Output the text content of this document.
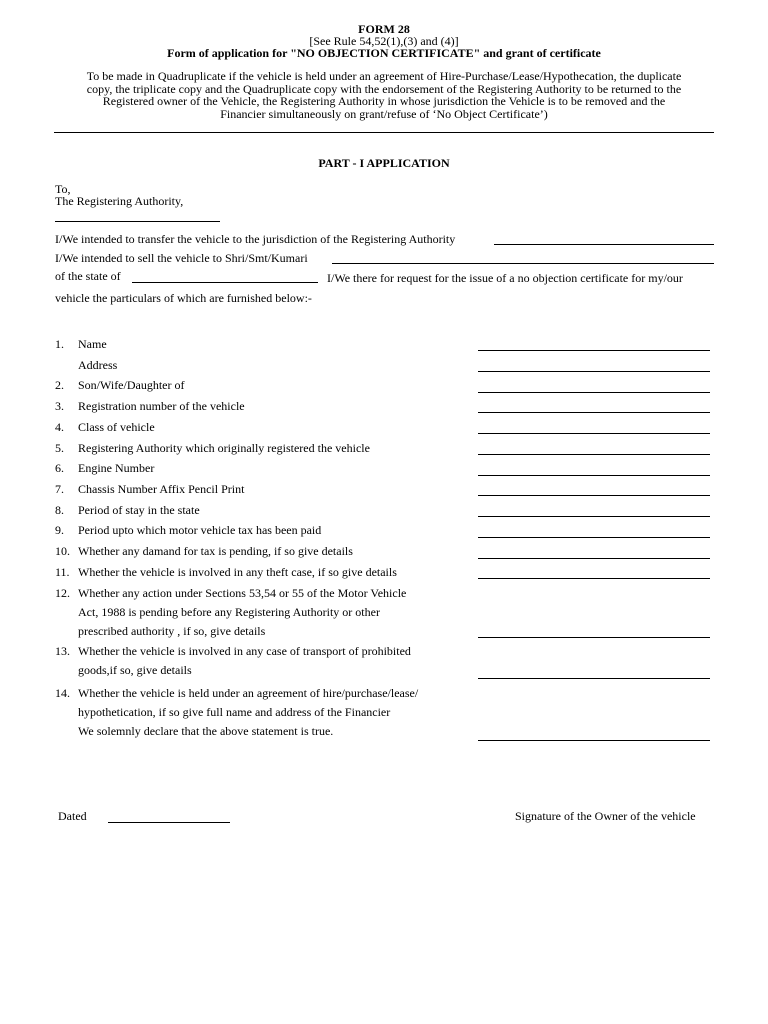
FORM 28
[See Rule 54,52(1),(3) and (4)]
Form of application for "NO OBJECTION CERTIFICATE" and grant of certificate
To be made in Quadruplicate if the vehicle is held under an agreement of Hire-Purchase/Lease/Hypothecation, the duplicate
copy, the triplicate copy and the Quadruplicate copy with the endorsement of the Registering Authority to be returned to the
Registered owner of the Vehicle, the Registering Authority in whose jurisdiction the Vehicle is to be removed and the
Financier simultaneously on grant/refuse of ‘No Object Certificate’)
PART - I APPLICATION
To,
The Registering Authority,
I/We intended to transfer the vehicle to the jurisdiction of the Registering Authority
I/We intended to sell the vehicle to Shri/Smt/Kumari
of the state of	I/We there for request for the issue of a no objection certificate for my/our
vehicle the particulars of which are furnished below:-
1. Name
Address
2. Son/Wife/Daughter of
3. Registration number of the vehicle
4. Class of vehicle
5. Registering Authority which originally registered the vehicle
6. Engine Number
7. Chassis Number Affix Pencil Print
8. Period of stay in the state
9. Period upto which motor vehicle tax has been paid
10. Whether any damand for tax is pending, if so give details
11. Whether the vehicle is involved in any theft case, if so give details
12. Whether any action under Sections 53,54 or 55 of the Motor Vehicle
Act, 1988 is pending before any Registering Authority or other
prescribed authority , if so, give details
13. Whether the vehicle is involved in any case of transport of prohibited
goods,if so, give details
14. Whether the vehicle is held under an agreement of hire/purchase/lease/
hypothetication, if so give full name and address of the Financier
We solemnly declare that the above statement is true.
Dated	Signature of the Owner of the vehicle
